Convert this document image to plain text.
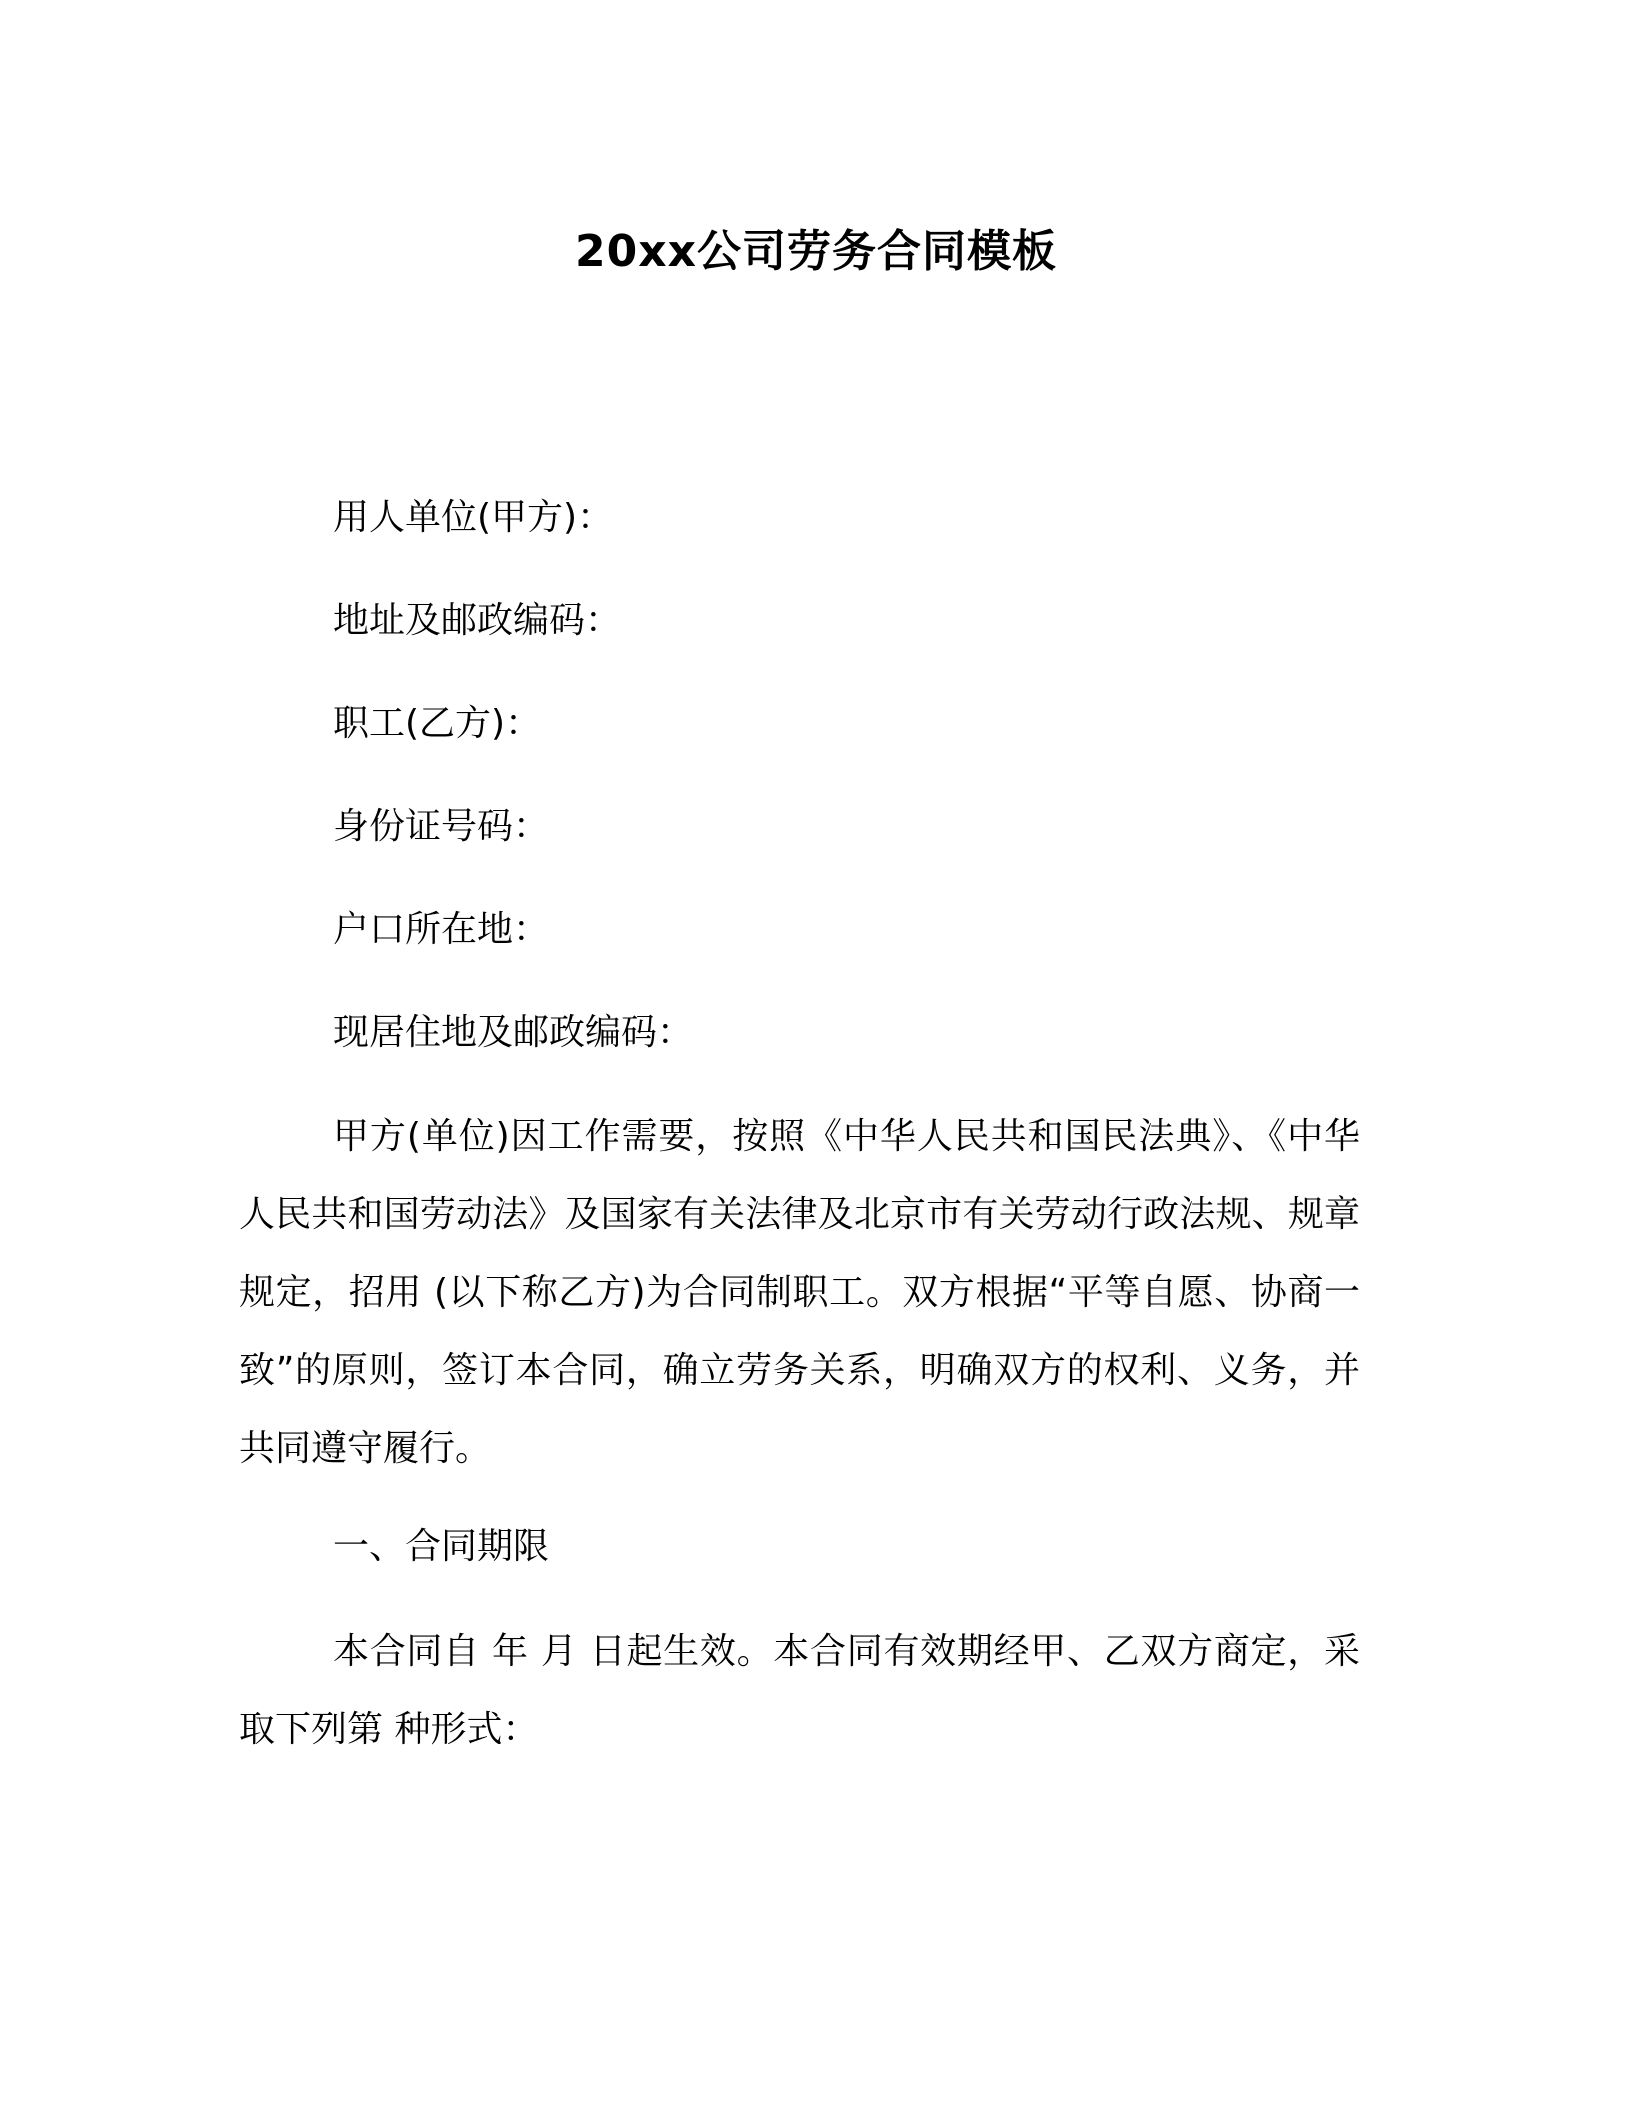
20xx公司劳务合同模板

用人单位(甲方)：

地址及邮政编码：

职工(乙方)：

身份证号码：

户口所在地：

现居住地及邮政编码：

甲方(单位)因工作需要，按照《中华人民共和国民法典》、《中华人民共和国劳动法》及国家有关法律及北京市有关劳动行政法规、规章规定，招用 (以下称乙方)为合同制职工。双方根据“平等自愿、协商一致”的原则，签订本合同，确立劳务关系，明确双方的权利、义务，并共同遵守履行。

一、合同期限

本合同自 年 月 日起生效。本合同有效期经甲、乙双方商定，采取下列第 种形式：
